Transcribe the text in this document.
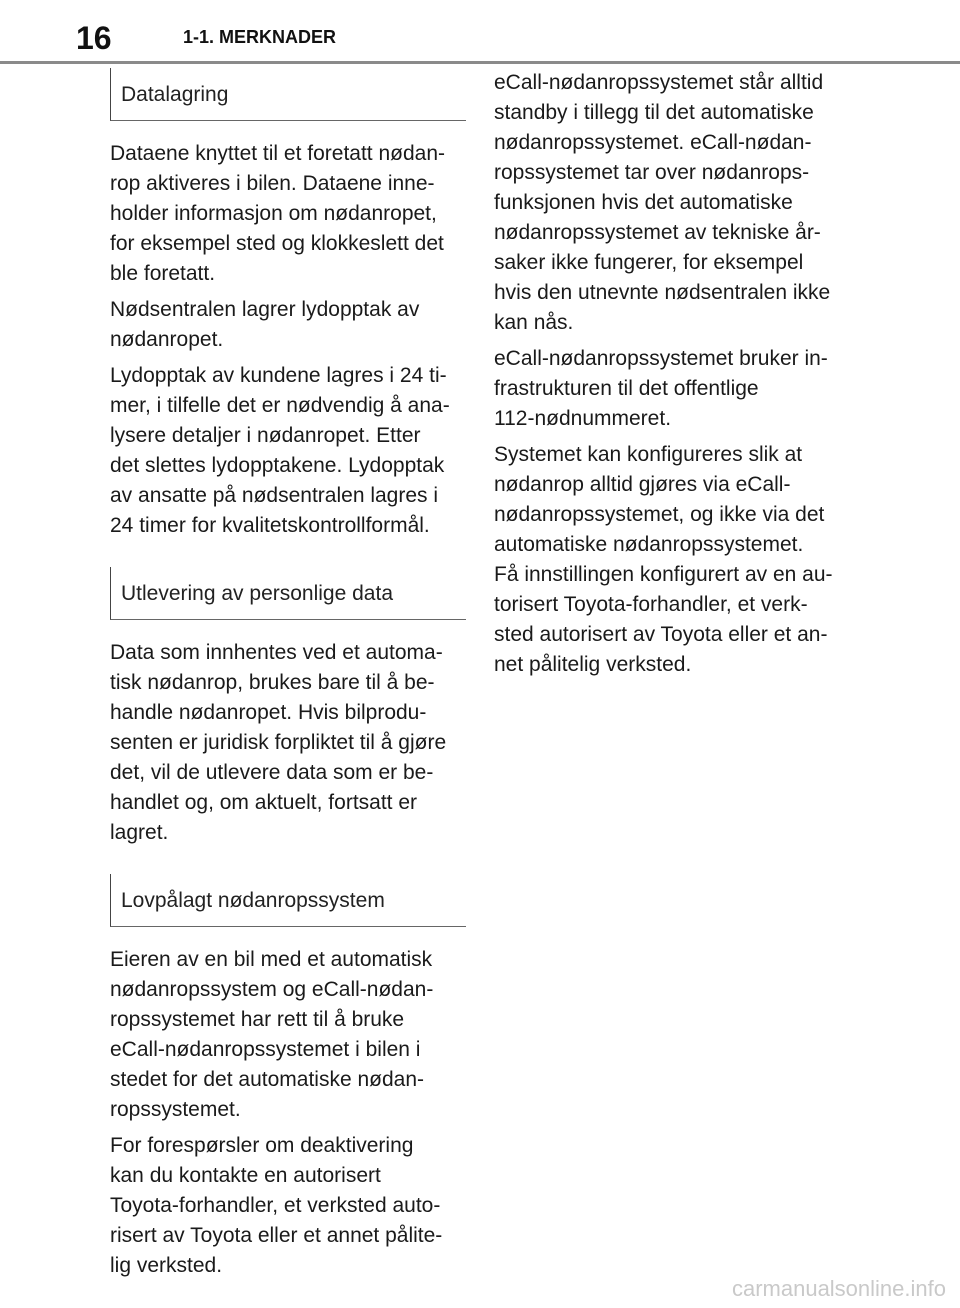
16	1-1. MERKNADER
Datalagring

Dataene knyttet til et foretatt nødan-
rop aktiveres i bilen. Dataene inne-
holder informasjon om nødanropet,
for eksempel sted og klokkeslett det
ble foretatt.

Nødsentralen lagrer lydopptak av
nødanropet.

Lydopptak av kundene lagres i 24 ti-
mer, i tilfelle det er nødvendig å ana-
lysere detaljer i nødanropet. Etter
det slettes lydopptakene. Lydopptak
av ansatte på nødsentralen lagres i
24 timer for kvalitetskontrollformål.

Utlevering av personlige data

Data som innhentes ved et automa-
tisk nødanrop, brukes bare til å be-
handle nødanropet. Hvis bilprodu-
senten er juridisk forpliktet til å gjøre
det, vil de utlevere data som er be-
handlet og, om aktuelt, fortsatt er
lagret.

Lovpålagt nødanropssystem

Eieren av en bil med et automatisk
nødanropssystem og eCall-nødan-
ropssystemet har rett til å bruke
eCall-nødanropssystemet i bilen i
stedet for det automatiske nødan-
ropssystemet.

For forespørsler om deaktivering
kan du kontakte en autorisert
Toyota-forhandler, et verksted auto-
risert av Toyota eller et annet pålite-
lig verksted.

eCall-nødanropssystemet står alltid
standby i tillegg til det automatiske
nødanropssystemet. eCall-nødan-
ropssystemet tar over nødanrops-
funksjonen hvis det automatiske
nødanropssystemet av tekniske år-
saker ikke fungerer, for eksempel
hvis den utnevnte nødsentralen ikke
kan nås.

eCall-nødanropssystemet bruker in-
frastrukturen til det offentlige
112-nødnummeret.

Systemet kan konfigureres slik at
nødanrop alltid gjøres via eCall-
nødanropssystemet, og ikke via det
automatiske nødanropssystemet.
Få innstillingen konfigurert av en au-
torisert Toyota-forhandler, et verk-
sted autorisert av Toyota eller et an-
net pålitelig verksted.

carmanualsonline.info
